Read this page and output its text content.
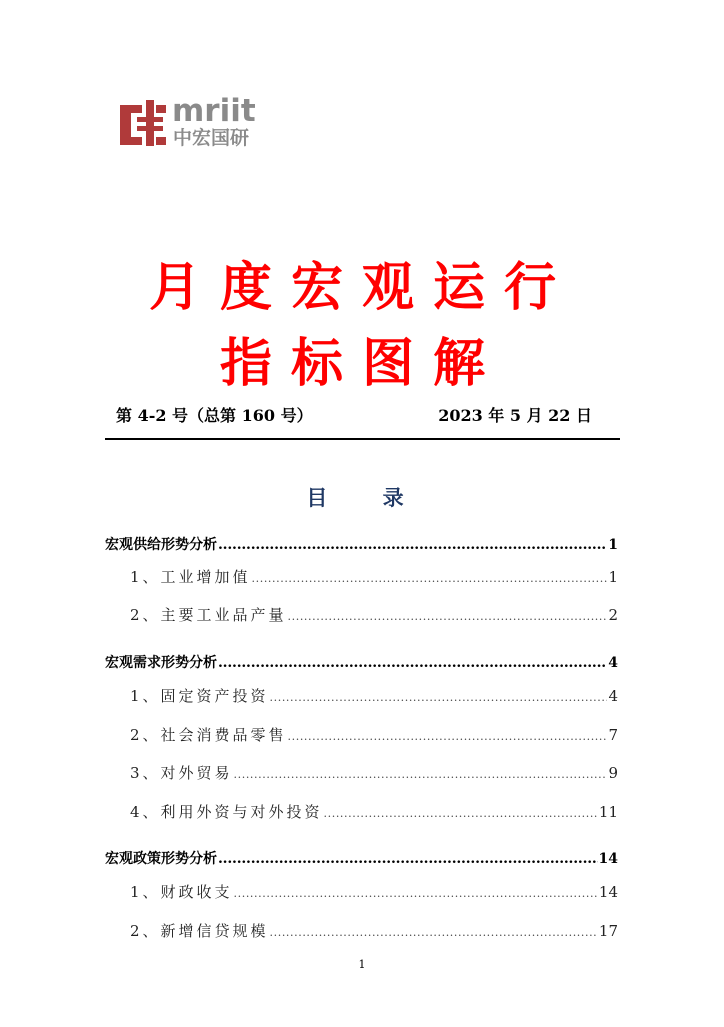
mriit
中宏国研
月度宏观运行
指标图解
第 4-2 号（总第 160 号）	2023 年 5 月 22 日
目 录
宏观供给形势分析 .....	1
1、工业增加值 .....	1
2、主要工业品产量 .....	2
宏观需求形势分析 .....	4
1、固定资产投资 .....	4
2、社会消费品零售 .....	7
3、对外贸易 .....	9
4、利用外资与对外投资 .....	11
宏观政策形势分析 .....	14
1、财政收支 .....	14
2、新增信贷规模 .....	17
1
